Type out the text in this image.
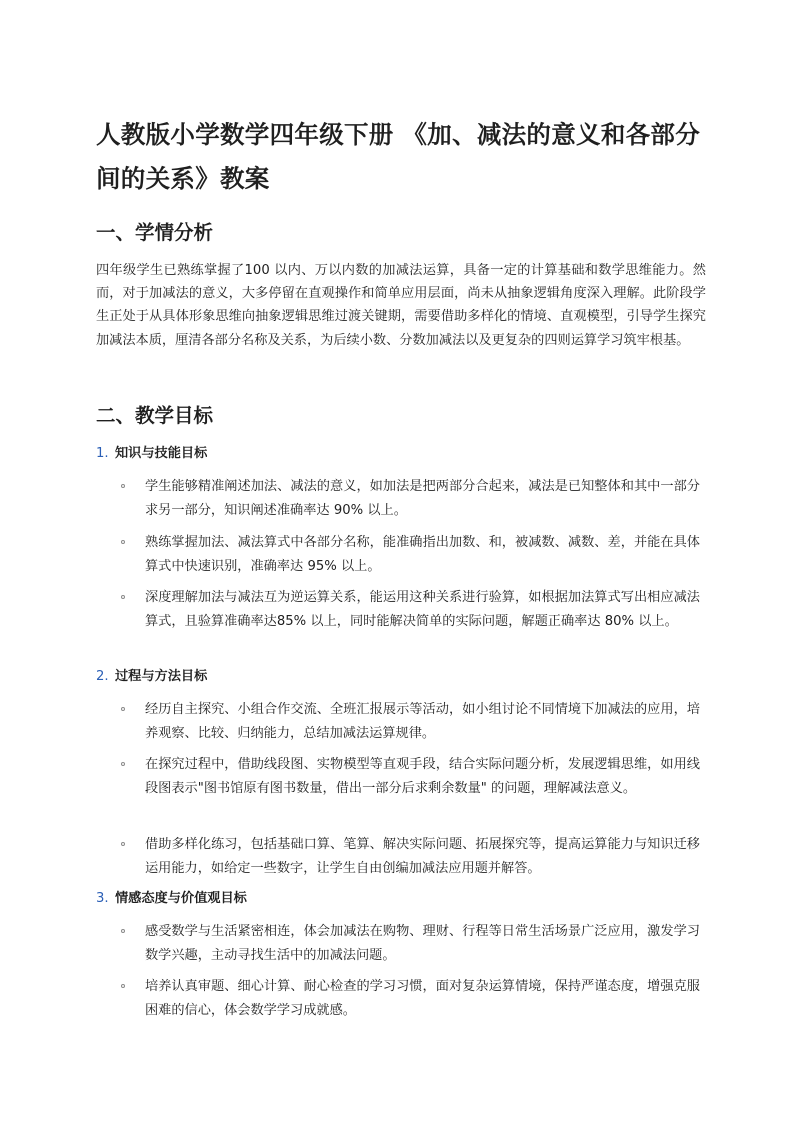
人教版小学数学四年级下册 《加、减法的意义和各部分间的关系》教案
一、学情分析

四年级学生已熟练掌握了100 以内、万以内数的加减法运算，具备一定的计算基础和数学思维能力。然而，对于加减法的意义，大多停留在直观操作和简单应用层面，尚未从抽象逻辑角度深入理解。此阶段学生正处于从具体形象思维向抽象逻辑思维过渡关键期，需要借助多样化的情境、直观模型，引导学生探究加减法本质，厘清各部分名称及关系，为后续小数、分数加减法以及更复杂的四则运算学习筑牢根基。

二、教学目标
1. 知识与技能目标
学生能够精准阐述加法、减法的意义，如加法是把两部分合起来，减法是已知整体和其中一部分求另一部分，知识阐述准确率达 90% 以上。
熟练掌握加法、减法算式中各部分名称，能准确指出加数、和，被减数、减数、差，并能在具体算式中快速识别，准确率达 95% 以上。
深度理解加法与减法互为逆运算关系，能运用这种关系进行验算，如根据加法算式写出相应减法算式，且验算准确率达85% 以上，同时能解决简单的实际问题，解题正确率达 80% 以上。
2. 过程与方法目标
经历自主探究、小组合作交流、全班汇报展示等活动，如小组讨论不同情境下加减法的应用，培养观察、比较、归纳能力，总结加减法运算规律。
在探究过程中，借助线段图、实物模型等直观手段，结合实际问题分析，发展逻辑思维，如用线段图表示"图书馆原有图书数量，借出一部分后求剩余数量" 的问题，理解减法意义。
借助多样化练习，包括基础口算、笔算、解决实际问题、拓展探究等，提高运算能力与知识迁移运用能力，如给定一些数字，让学生自由创编加减法应用题并解答。
3. 情感态度与价值观目标
感受数学与生活紧密相连，体会加减法在购物、理财、行程等日常生活场景广泛应用，激发学习数学兴趣，主动寻找生活中的加减法问题。
培养认真审题、细心计算、耐心检查的学习习惯，面对复杂运算情境，保持严谨态度，增强克服困难的信心，体会数学学习成就感。
